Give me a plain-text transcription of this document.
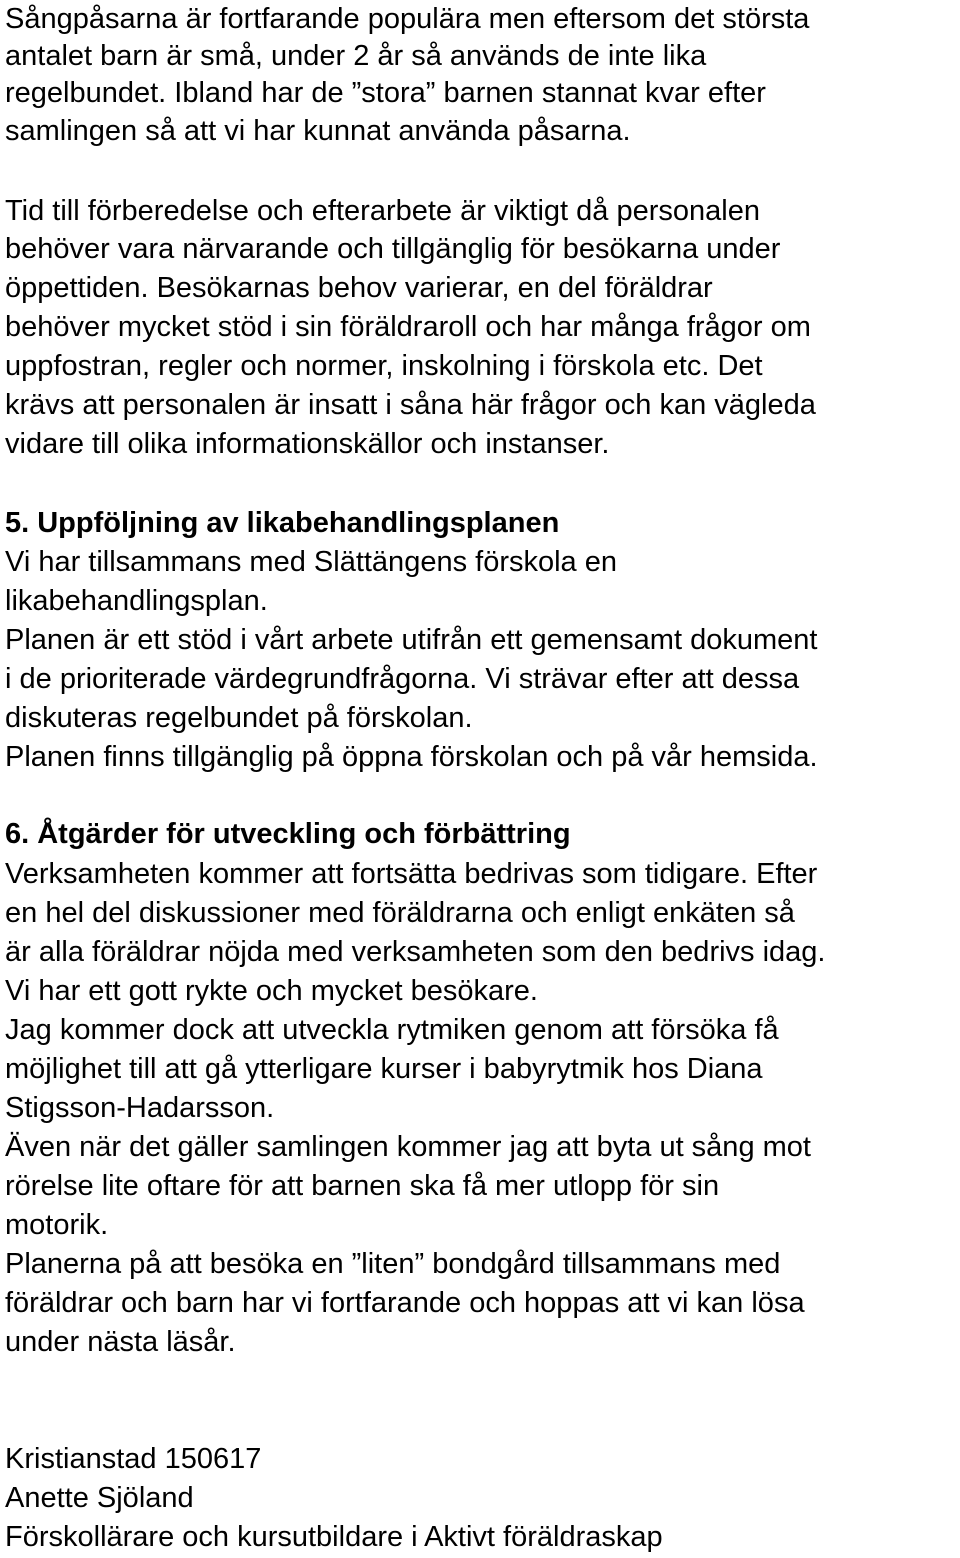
Sångpåsarna är fortfarande populära men eftersom det största
antalet barn är små, under 2 år så används de inte lika
regelbundet. Ibland har de ”stora” barnen stannat kvar efter
samlingen så att vi har kunnat använda påsarna.
Tid till förberedelse och efterarbete är viktigt då personalen
behöver vara närvarande och tillgänglig för besökarna under
öppettiden. Besökarnas behov varierar, en del föräldrar
behöver mycket stöd i sin föräldraroll och har många frågor om
uppfostran, regler och normer, inskolning i förskola etc. Det
krävs att personalen är insatt i såna här frågor och kan vägleda
vidare till olika informationskällor och instanser.
5. Uppföljning av likabehandlingsplanen
Vi har tillsammans med Slättängens förskola en
likabehandlingsplan.
Planen är ett stöd i vårt arbete utifrån ett gemensamt dokument
i de prioriterade värdegrundfrågorna. Vi strävar efter att dessa
diskuteras regelbundet på förskolan.
Planen finns tillgänglig på öppna förskolan och på vår hemsida.
6. Åtgärder för utveckling och förbättring
Verksamheten kommer att fortsätta bedrivas som tidigare. Efter
en hel del diskussioner med föräldrarna och enligt enkäten så
är alla föräldrar nöjda med verksamheten som den bedrivs idag.
Vi har ett gott rykte och mycket besökare.
Jag kommer dock att utveckla rytmiken genom att försöka få
möjlighet till att gå ytterligare kurser i babyrytmik hos Diana
Stigsson-Hadarsson.
Även när det gäller samlingen kommer jag att byta ut sång mot
rörelse lite oftare för att barnen ska få mer utlopp för sin
motorik.
Planerna på att besöka en ”liten” bondgård tillsammans med
föräldrar och barn har vi fortfarande och hoppas att vi kan lösa
under nästa läsår.
Kristianstad 150617
Anette Sjöland
Förskollärare och kursutbildare i Aktivt föräldraskap
